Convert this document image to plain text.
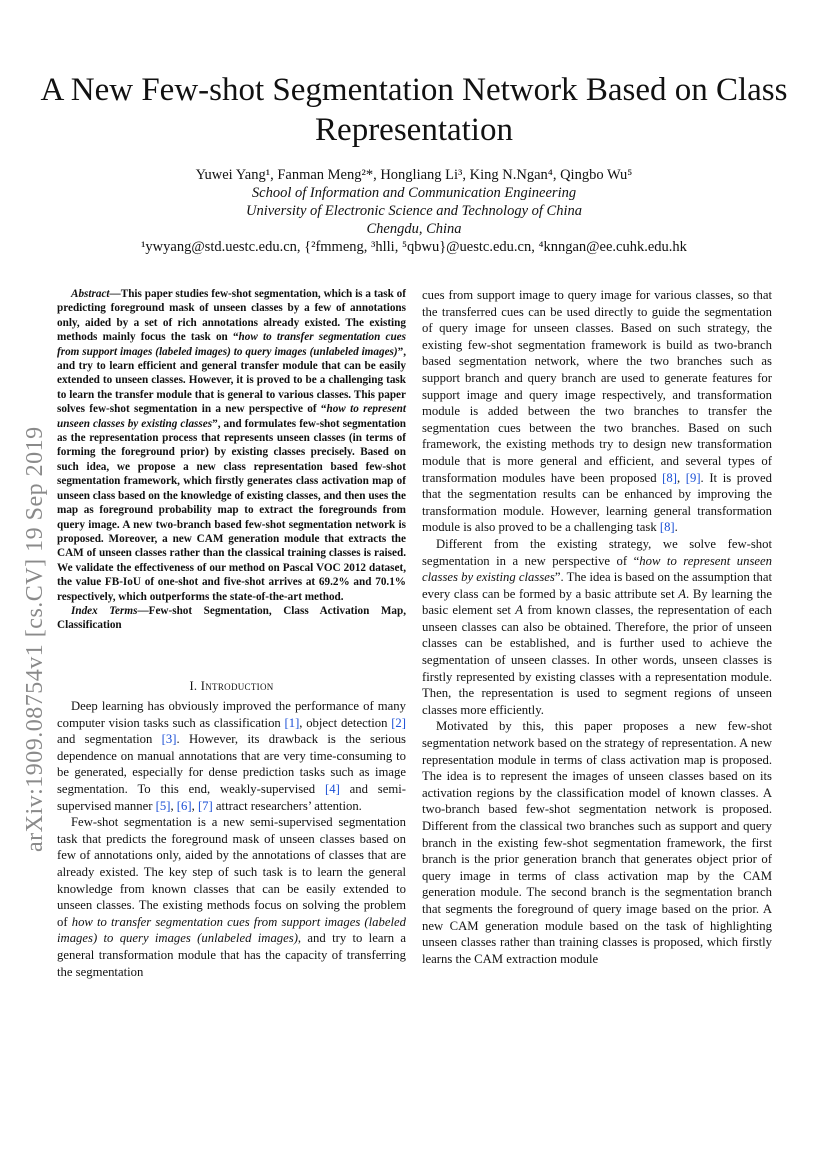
arXiv:1909.08754v1 [cs.CV] 19 Sep 2019
A New Few-shot Segmentation Network Based on Class Representation
Yuwei Yang¹, Fanman Meng²*, Hongliang Li³, King N.Ngan⁴, Qingbo Wu⁵
School of Information and Communication Engineering
University of Electronic Science and Technology of China
Chengdu, China
¹ywyang@std.uestc.edu.cn, {²fmmeng, ³hlli, ⁵qbwu}@uestc.edu.cn, ⁴knngan@ee.cuhk.edu.hk

Abstract—This paper studies few-shot segmentation, which is a task of predicting foreground mask of unseen classes by a few of annotations only, aided by a set of rich annotations already existed. The existing methods mainly focus the task on “how to transfer segmentation cues from support images (labeled images) to query images (unlabeled images)”, and try to learn efficient and general transfer module that can be easily extended to unseen classes. However, it is proved to be a challenging task to learn the transfer module that is general to various classes. This paper solves few-shot segmentation in a new perspective of “how to represent unseen classes by existing classes”, and formulates few-shot segmentation as the representation process that represents unseen classes (in terms of forming the foreground prior) by existing classes precisely. Based on such idea, we propose a new class representation based few-shot segmentation framework, which firstly generates class activation map of unseen class based on the knowledge of existing classes, and then uses the map as foreground probability map to extract the foregrounds from query image. A new two-branch based few-shot segmentation network is proposed. Moreover, a new CAM generation module that extracts the CAM of unseen classes rather than the classical training classes is raised. We validate the effectiveness of our method on Pascal VOC 2012 dataset, the value FB-IoU of one-shot and five-shot arrives at 69.2% and 70.1% respectively, which outperforms the state-of-the-art method.

Index Terms—Few-shot Segmentation, Class Activation Map, Classification

I. Introduction

Deep learning has obviously improved the performance of many computer vision tasks such as classification [1], object detection [2] and segmentation [3]. However, its drawback is the serious dependence on manual annotations that are very time-consuming to be generated, especially for dense prediction tasks such as image segmentation. To this end, weakly-supervised [4] and semi-supervised manner [5], [6], [7] attract researchers’ attention.

Few-shot segmentation is a new semi-supervised segmentation task that predicts the foreground mask of unseen classes based on few of annotations only, aided by the annotations of classes that are already existed. The key step of such task is to learn the general knowledge from known classes that can be easily extended to unseen classes. The existing methods focus on solving the problem of how to transfer segmentation cues from support images (labeled images) to query images (unlabeled images), and try to learn a general transformation module that has the capacity of transferring the segmentation

cues from support image to query image for various classes, so that the transferred cues can be used directly to guide the segmentation of query image for unseen classes. Based on such strategy, the existing few-shot segmentation framework is build as two-branch based segmentation network, where the two branches such as support branch and query branch are used to generate features for support image and query image respectively, and transformation module is added between the two branches to transfer the segmentation cues between the two branches. Based on such framework, the existing methods try to design new transformation module that is more general and efficient, and several types of transformation modules have been proposed [8], [9]. It is proved that the segmentation results can be enhanced by improving the transformation module. However, learning general transformation module is also proved to be a challenging task [8].

Different from the existing strategy, we solve few-shot segmentation in a new perspective of “how to represent unseen classes by existing classes”. The idea is based on the assumption that every class can be formed by a basic attribute set A. By learning the basic element set A from known classes, the representation of each unseen classes can also be obtained. Therefore, the prior of unseen classes can be established, and is further used to achieve the segmentation of unseen classes. In other words, unseen classes is firstly represented by existing classes with a representation module. Then, the representation is used to segment regions of unseen classes more efficiently.

Motivated by this, this paper proposes a new few-shot segmentation network based on the strategy of representation. A new representation module in terms of class activation map is proposed. The idea is to represent the images of unseen classes based on its activation regions by the classification model of known classes. A two-branch based few-shot segmentation network is proposed. Different from the classical two branches such as support and query branch in the existing few-shot segmentation framework, the first branch is the prior generation branch that generates object prior of query image in terms of class activation map by the CAM generation module. The second branch is the segmentation branch that segments the foreground of query image based on the prior. A new CAM generation module based on the task of highlighting unseen classes rather than training classes is proposed, which firstly learns the CAM extraction module
